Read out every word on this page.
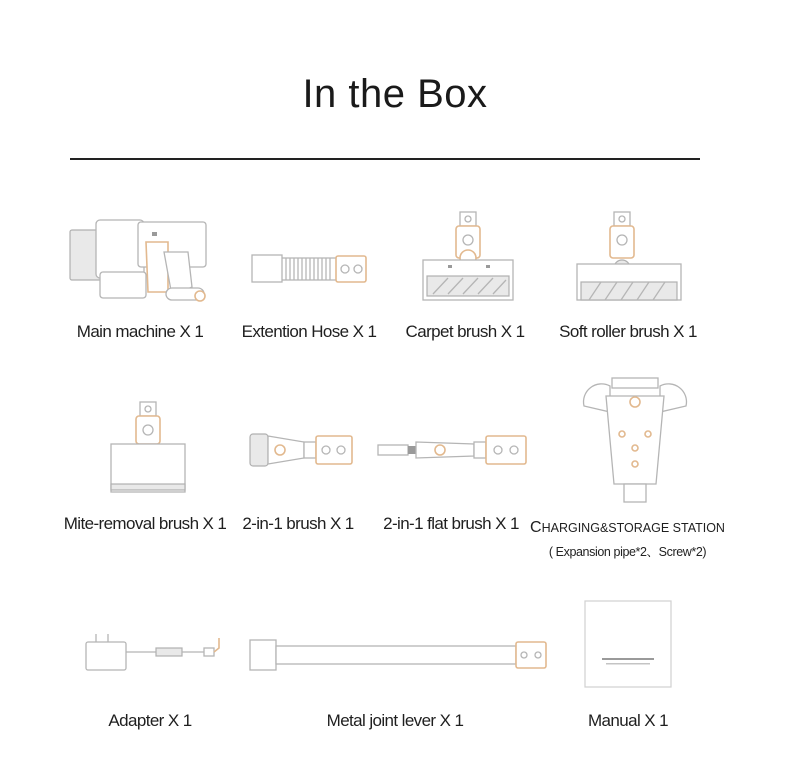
In the Box
Main machine X 1	Extention Hose X 1	Carpet brush X 1	Soft roller brush X 1
Mite-removal brush X 1 2-in-1 brush X 1	2-in-1 flat brush X 1 CHARGING&STORAGE STATION
( Expansion pipe*2、Screw*2)
Adapter X 1	Metal joint lever X 1	Manual X 1
